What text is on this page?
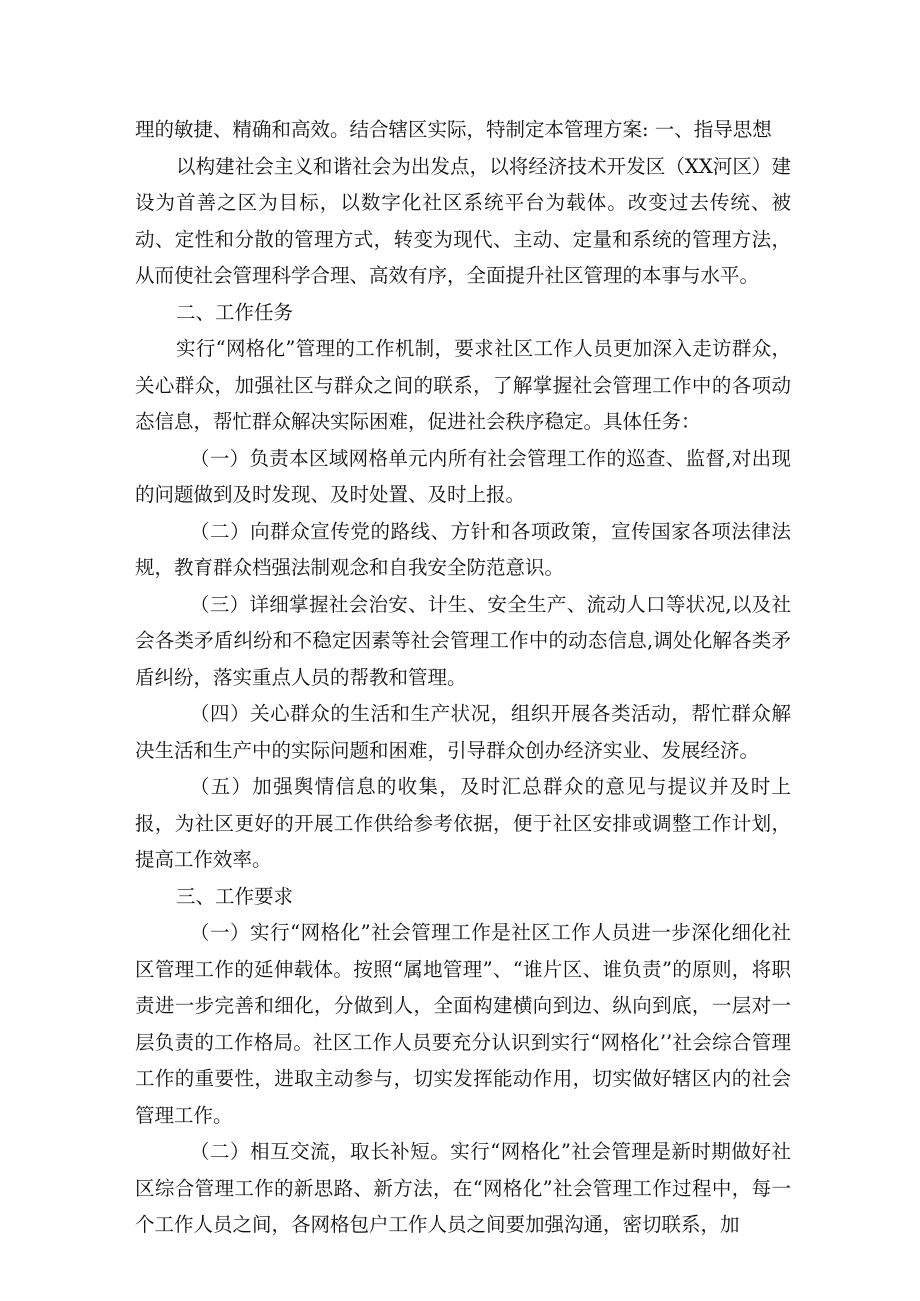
理的敏捷、精确和高效。结合辖区实际，特制定本管理方案: 一、指导思想

以构建社会主义和谐社会为出发点，以将经济技术开发区（XX河区）建设为首善之区为目标，以数字化社区系统平台为载体。改变过去传统、被动、定性和分散的管理方式，转变为现代、主动、定量和系统的管理方法，从而使社会管理科学合理、高效有序，全面提升社区管理的本事与水平。

二、工作任务

实行“网格化”管理的工作机制，要求社区工作人员更加深入走访群众，关心群众，加强社区与群众之间的联系，了解掌握社会管理工作中的各项动态信息，帮忙群众解决实际困难，促进社会秩序稳定。具体任务：

（一）负责本区域网格单元内所有社会管理工作的巡查、监督,对出现的问题做到及时发现、及时处置、及时上报。

（二）向群众宣传党的路线、方针和各项政策，宣传国家各项法律法规，教育群众档强法制观念和自我安全防范意识。

（三）详细掌握社会治安、计生、安全生产、流动人口等状况,以及社会各类矛盾纠纷和不稳定因素等社会管理工作中的动态信息,调处化解各类矛盾纠纷，落实重点人员的帮教和管理。

（四）关心群众的生活和生产状况，组织开展各类活动，帮忙群众解决生活和生产中的实际问题和困难，引导群众创办经济实业、发展经济。

（五）加强舆情信息的收集，及时汇总群众的意见与提议并及时上报，为社区更好的开展工作供给参考依据，便于社区安排或调整工作计划，提高工作效率。

三、工作要求

（一）实行“网格化”社会管理工作是社区工作人员进一步深化细化社区管理工作的延伸载体。按照“属地管理”、“谁片区、谁负责”的原则，将职责进一步完善和细化，分做到人，全面构建横向到边、纵向到底，一层对一层负责的工作格局。社区工作人员要充分认识到实行“网格化’’社会综合管理工作的重要性，进取主动参与，切实发挥能动作用，切实做好辖区内的社会管理工作。

（二）相互交流，取长补短。实行“网格化”社会管理是新时期做好社区综合管理工作的新思路、新方法，在“网格化”社会管理工作过程中，每一个工作人员之间，各网格包户工作人员之间要加强沟通，密切联系，加
